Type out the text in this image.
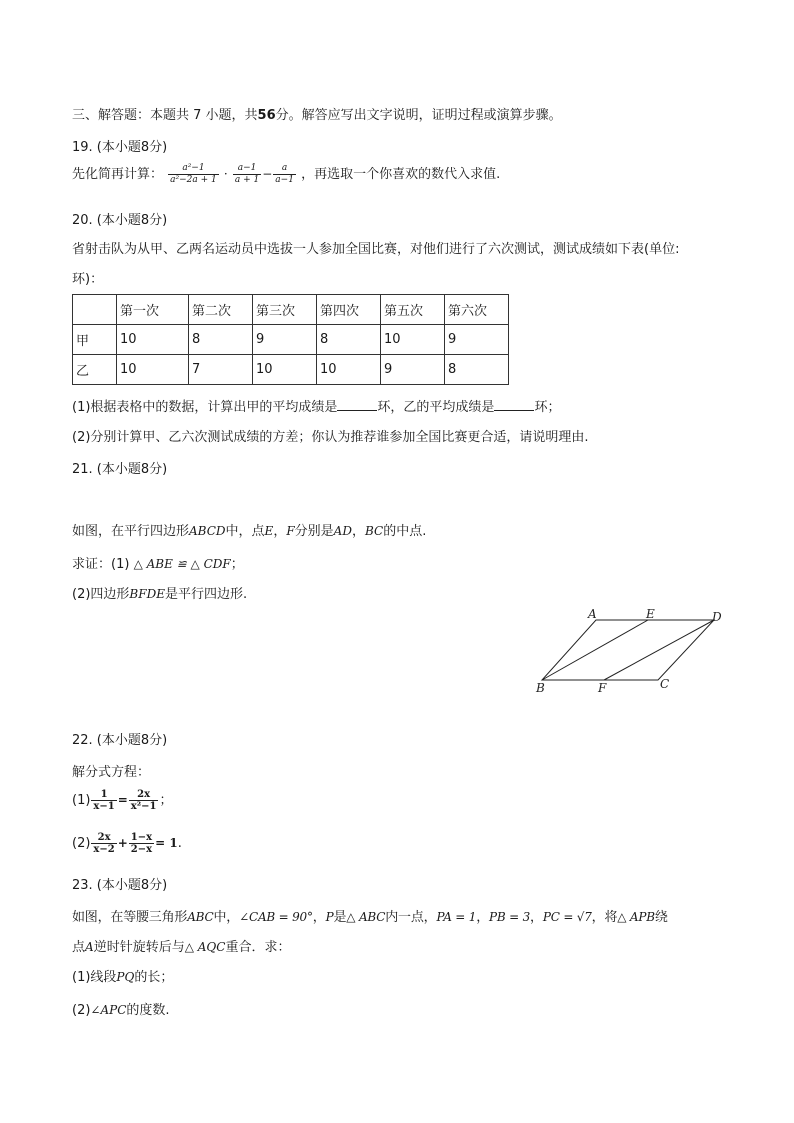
三、解答题：本题共 7 小题，共56分。解答应写出文字说明，证明过程或演算步骤。
19. (本小题8分)
先化简再计算： $\frac{\text{a²−1}}{\text{a²−2a + 1}} \cdot \frac{a-1}{a + 1} - \frac{a}{a-1}$ ，再选取一个你喜欢的数代入求值.
20. (本小题8分)
省射击队为从甲、乙两名运动员中选拔一人参加全国比赛，对他们进行了六次测试，测试成绩如下表(单位:
环)：
	第一次	第二次	第三次	第四次	第五次	第六次
甲	10	8	9	8	10	9
乙	10	7	10	10	9	8
(1)根据表格中的数据，计算出甲的平均成绩是	环，乙的平均成绩是	环；
(2)分别计算甲、乙六次测试成绩的方差；你认为推荐谁参加全国比赛更合适，请说明理由.
21. (本小题8分)
如图，在平行四边形ABCD中，点E，F分别是AD，BC的中点.
求证：(1) △ ABE ≌ △ CDF；
(2)四边形BFDE是平行四边形.
A	E	D
B	F	C
22. (本小题8分)
解分式方程：
$(1) \frac{1}{x-1} = \frac{2x}{\text{x²−1}}$ ；
$(2) \frac{2x}{x-2} + \frac{1-x}{2-x} = 1$.
23. (本小题8分)
如图，在等腰三角形ABC中，∠CAB = 90°，P是△ ABC内一点，PA = 1，PB = 3，PC = √7，将△ APB绕
点A逆时针旋转后与△ AQC重合．求：
(1)线段PQ的长；
(2)∠APC的度数.
